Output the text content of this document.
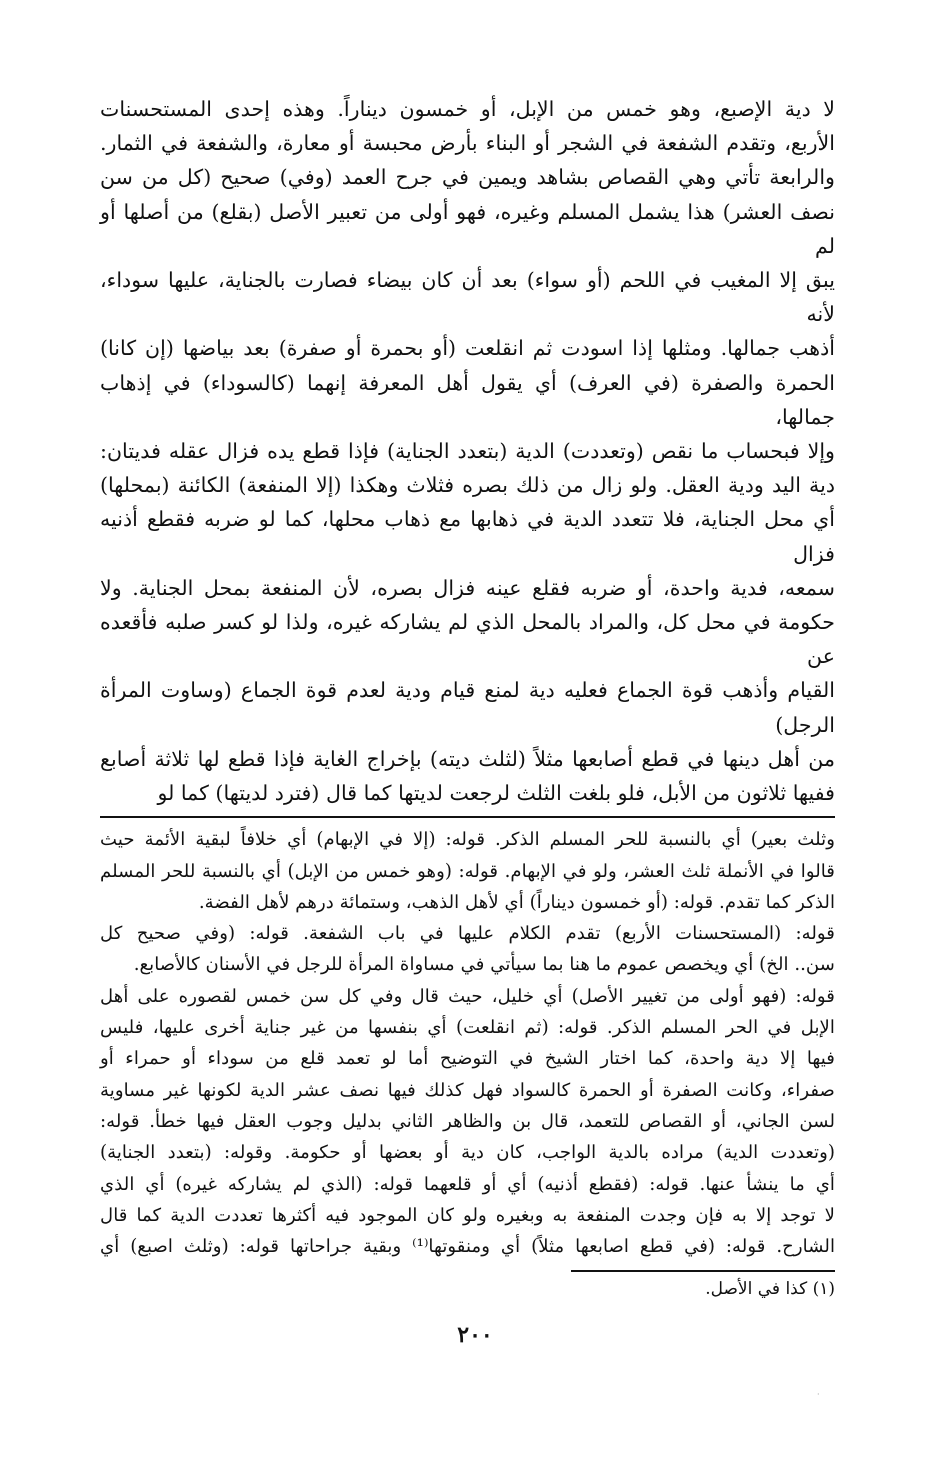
لا دية الإصبع، وهو خمس من الإبل، أو خمسون ديناراً. وهذه إحدى المستحسنات

الأربع، وتقدم الشفعة في الشجر أو البناء بأرض محبسة أو معارة، والشفعة في الثمار.

والرابعة تأتي وهي القصاص بشاهد ويمين في جرح العمد (وفي) صحيح (كل من سن

نصف العشر) هذا يشمل المسلم وغيره، فهو أولى من تعبير الأصل (بقلع) من أصلها أو لم

يبق إلا المغيب في اللحم (أو سواء) بعد أن كان بيضاء فصارت بالجناية، عليها سوداء، لأنه

أذهب جمالها. ومثلها إذا اسودت ثم انقلعت (أو بحمرة أو صفرة) بعد بياضها (إن كانا)

الحمرة والصفرة (في العرف) أي يقول أهل المعرفة إنهما (كالسوداء) في إذهاب جمالها،

وإلا فبحساب ما نقص (وتعددت) الدية (بتعدد الجناية) فإذا قطع يده فزال عقله فديتان:

دية اليد ودية العقل. ولو زال من ذلك بصره فثلاث وهكذا (إلا المنفعة) الكائنة (بمحلها)

أي محل الجناية، فلا تتعدد الدية في ذهابها مع ذهاب محلها، كما لو ضربه فقطع أذنيه فزال

سمعه، فدية واحدة، أو ضربه فقلع عينه فزال بصره، لأن المنفعة بمحل الجناية. ولا

حكومة في محل كل، والمراد بالمحل الذي لم يشاركه غيره، ولذا لو كسر صلبه فأقعده عن

القيام وأذهب قوة الجماع فعليه دية لمنع قيام ودية لعدم قوة الجماع (وساوت المرأة الرجل)

من أهل دينها في قطع أصابعها مثلاً (لثلث ديته) بإخراج الغاية فإذا قطع لها ثلاثة أصابع

ففيها ثلاثون من الأبل، فلو بلغت الثلث لرجعت لديتها كما قال (فترد لديتها) كما لو

وثلث بعير) أي بالنسبة للحر المسلم الذكر. قوله: (إلا في الإبهام) أي خلافاً لبقية الأئمة حيث

قالوا في الأنملة ثلث العشر، ولو في الإبهام. قوله: (وهو خمس من الإبل) أي بالنسبة للحر المسلم

الذكر كما تقدم. قوله: (أو خمسون ديناراً) أي لأهل الذهب، وستمائة درهم لأهل الفضة.

قوله: (المستحسنات الأربع) تقدم الكلام عليها في باب الشفعة. قوله: (وفي صحيح كل

سن.. الخ) أي ويخصص عموم ما هنا بما سيأتي في مساواة المرأة للرجل في الأسنان كالأصابع.

قوله: (فهو أولى من تغيير الأصل) أي خليل، حيث قال وفي كل سن خمس لقصوره على أهل

الإبل في الحر المسلم الذكر. قوله: (ثم انقلعت) أي بنفسها من غير جناية أخرى عليها، فليس

فيها إلا دية واحدة، كما اختار الشيخ في التوضيح أما لو تعمد قلع من سوداء أو حمراء أو

صفراء، وكانت الصفرة أو الحمرة كالسواد فهل كذلك فيها نصف عشر الدية لكونها غير مساوية

لسن الجاني، أو القصاص للتعمد، قال بن والظاهر الثاني بدليل وجوب العقل فيها خطأ. قوله:

(وتعددت الدية) مراده بالدية الواجب، كان دية أو بعضها أو حكومة. وقوله: (بتعدد الجناية)

أي ما ينشأ عنها. قوله: (فقطع أذنيه) أي أو قلعهما قوله: (الذي لم يشاركه غيره) أي الذي

لا توجد إلا به فإن وجدت المنفعة به وبغيره ولو كان الموجود فيه أكثرها تعددت الدية كما قال

الشارح. قوله: (في قطع اصابعها مثلاً) أي ومنقوتها⁽¹⁾ وبقية جراحاتها قوله: (وثلث اصبع) أي

(١) كذا في الأصل.

٢٠٠
·
